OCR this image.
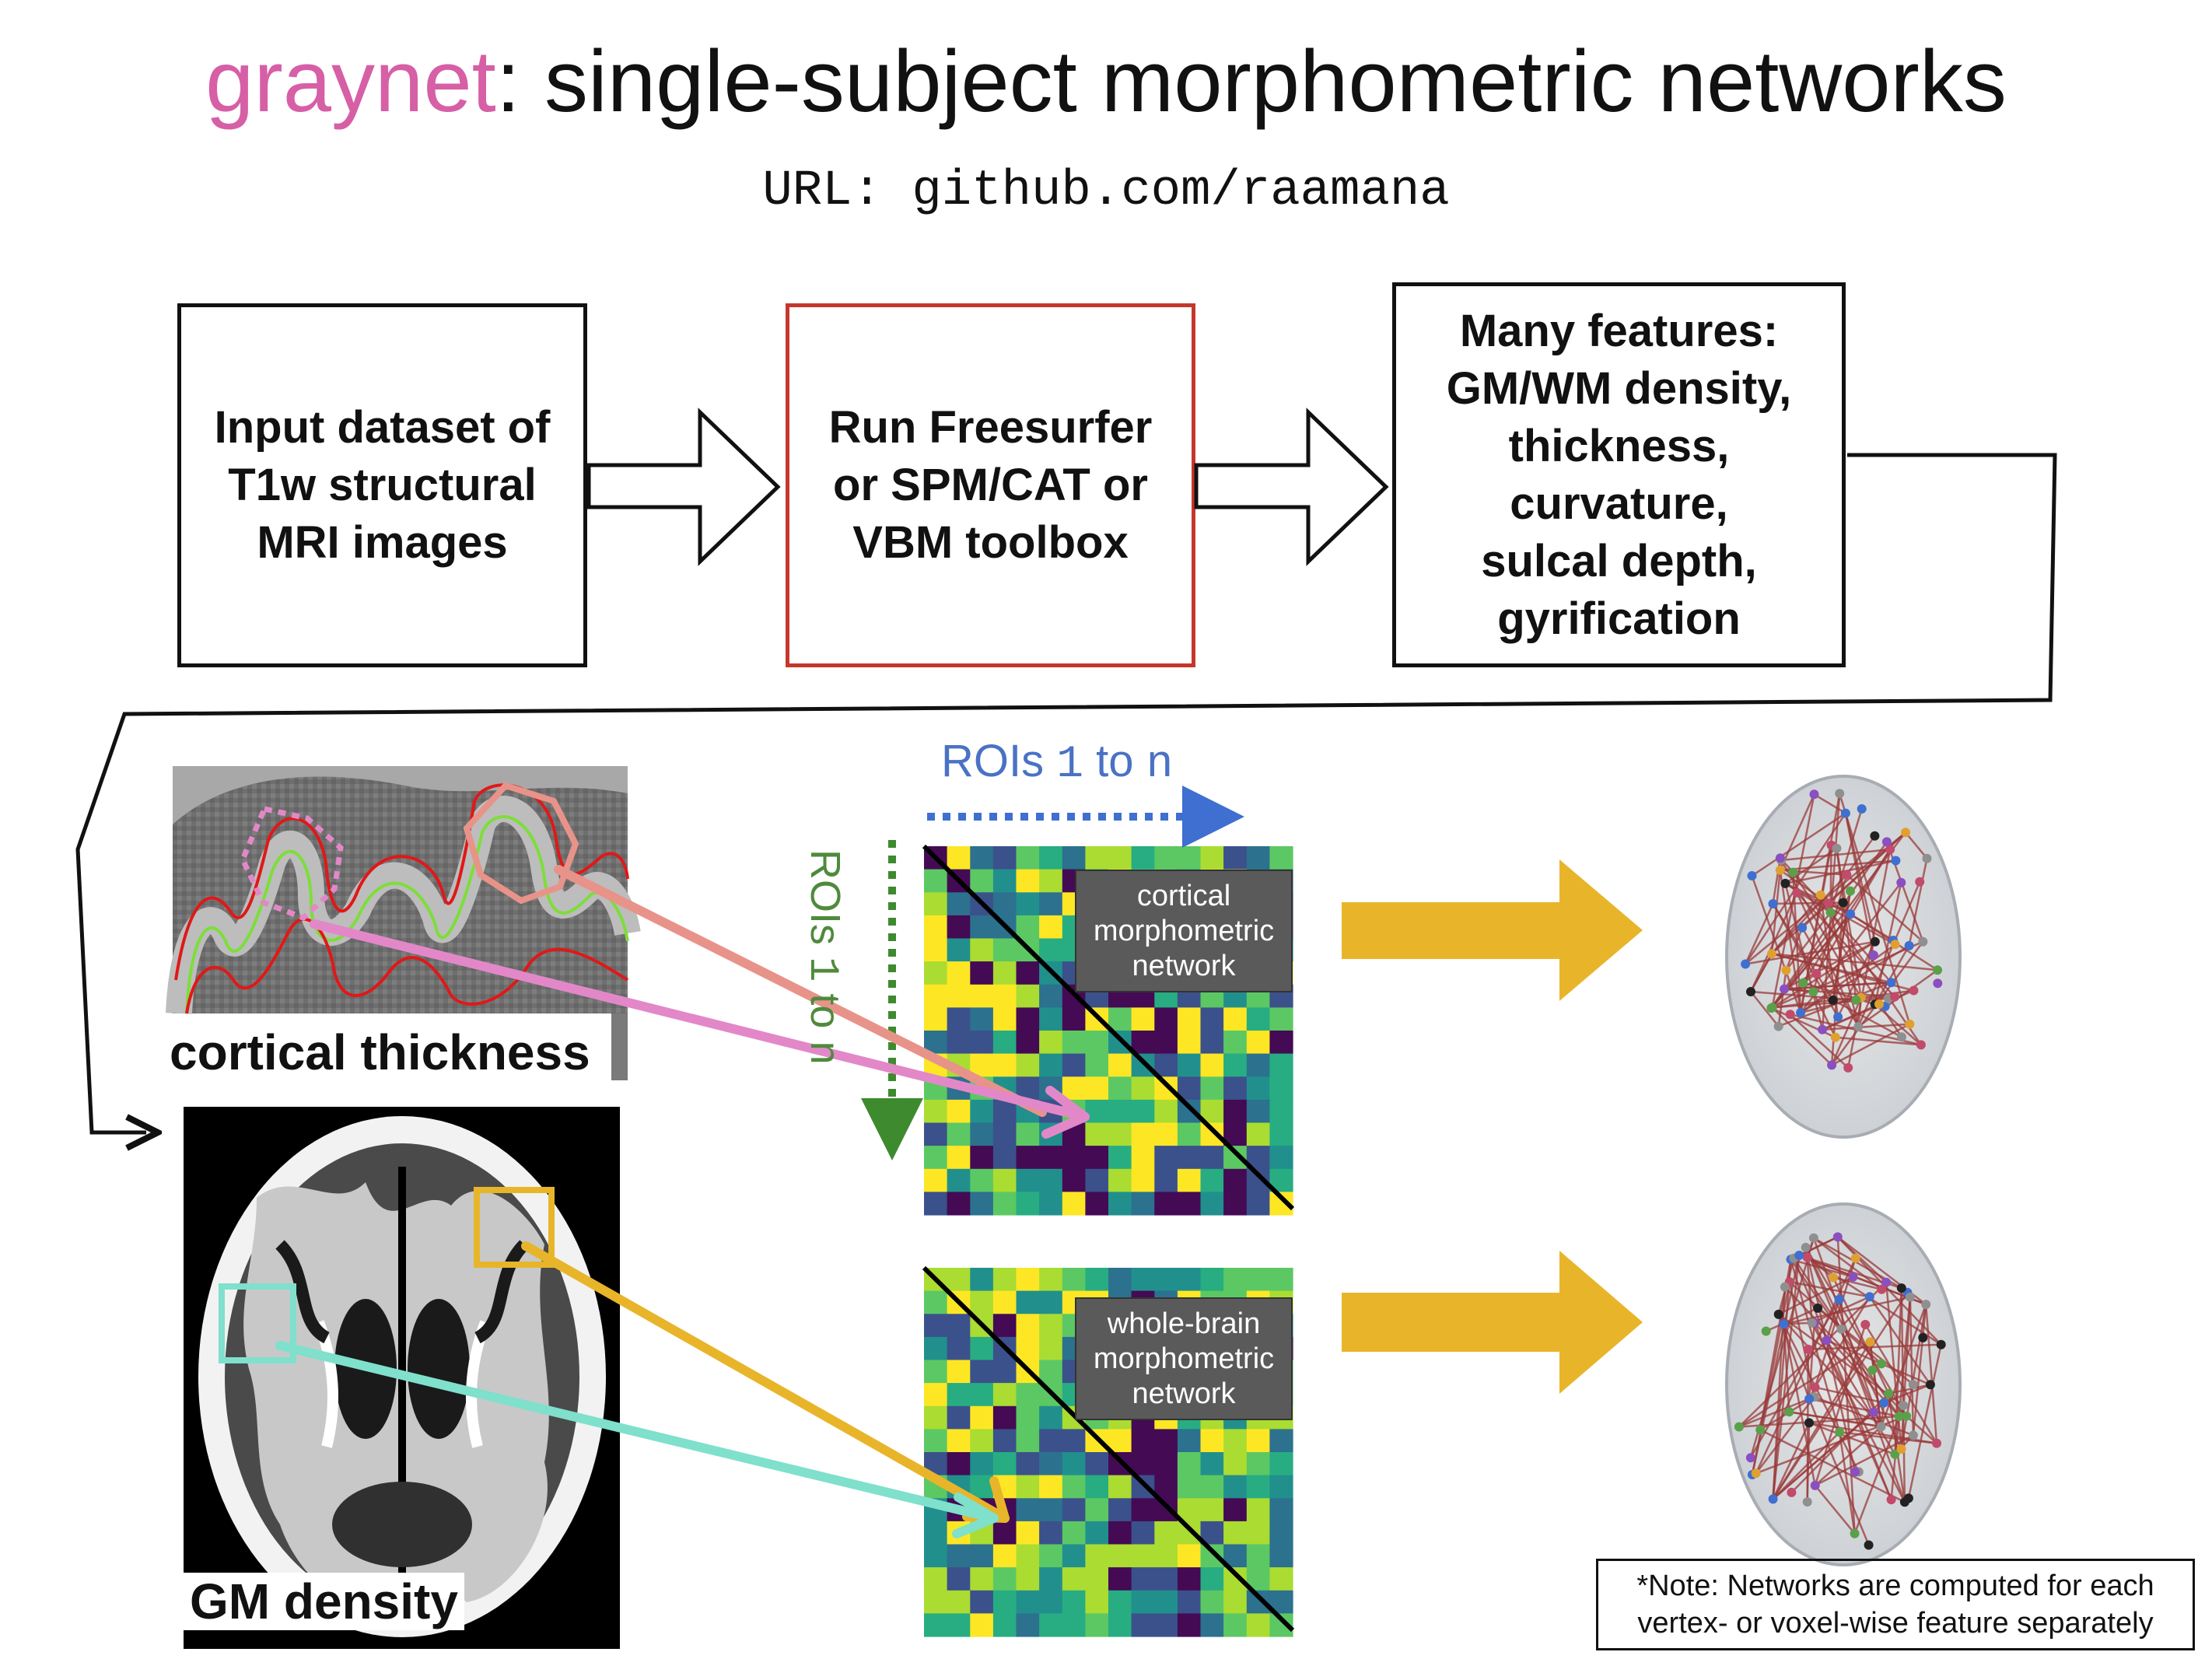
graynet: single-subject morphometric networks
URL: github.com/raamana
Input dataset of
T1w structural
MRI images
Run Freesurfer
or SPM/CAT or
VBM toolbox
Many features:
GM/WM density,
thickness,
curvature,
sulcal depth,
gyrification
cortical thickness
GM density
ROIs 1 to n
ROIs 1 to n
cortical
morphometric
network
whole-brain
morphometric
network
*Note: Networks are computed for each
vertex- or voxel-wise feature separately
